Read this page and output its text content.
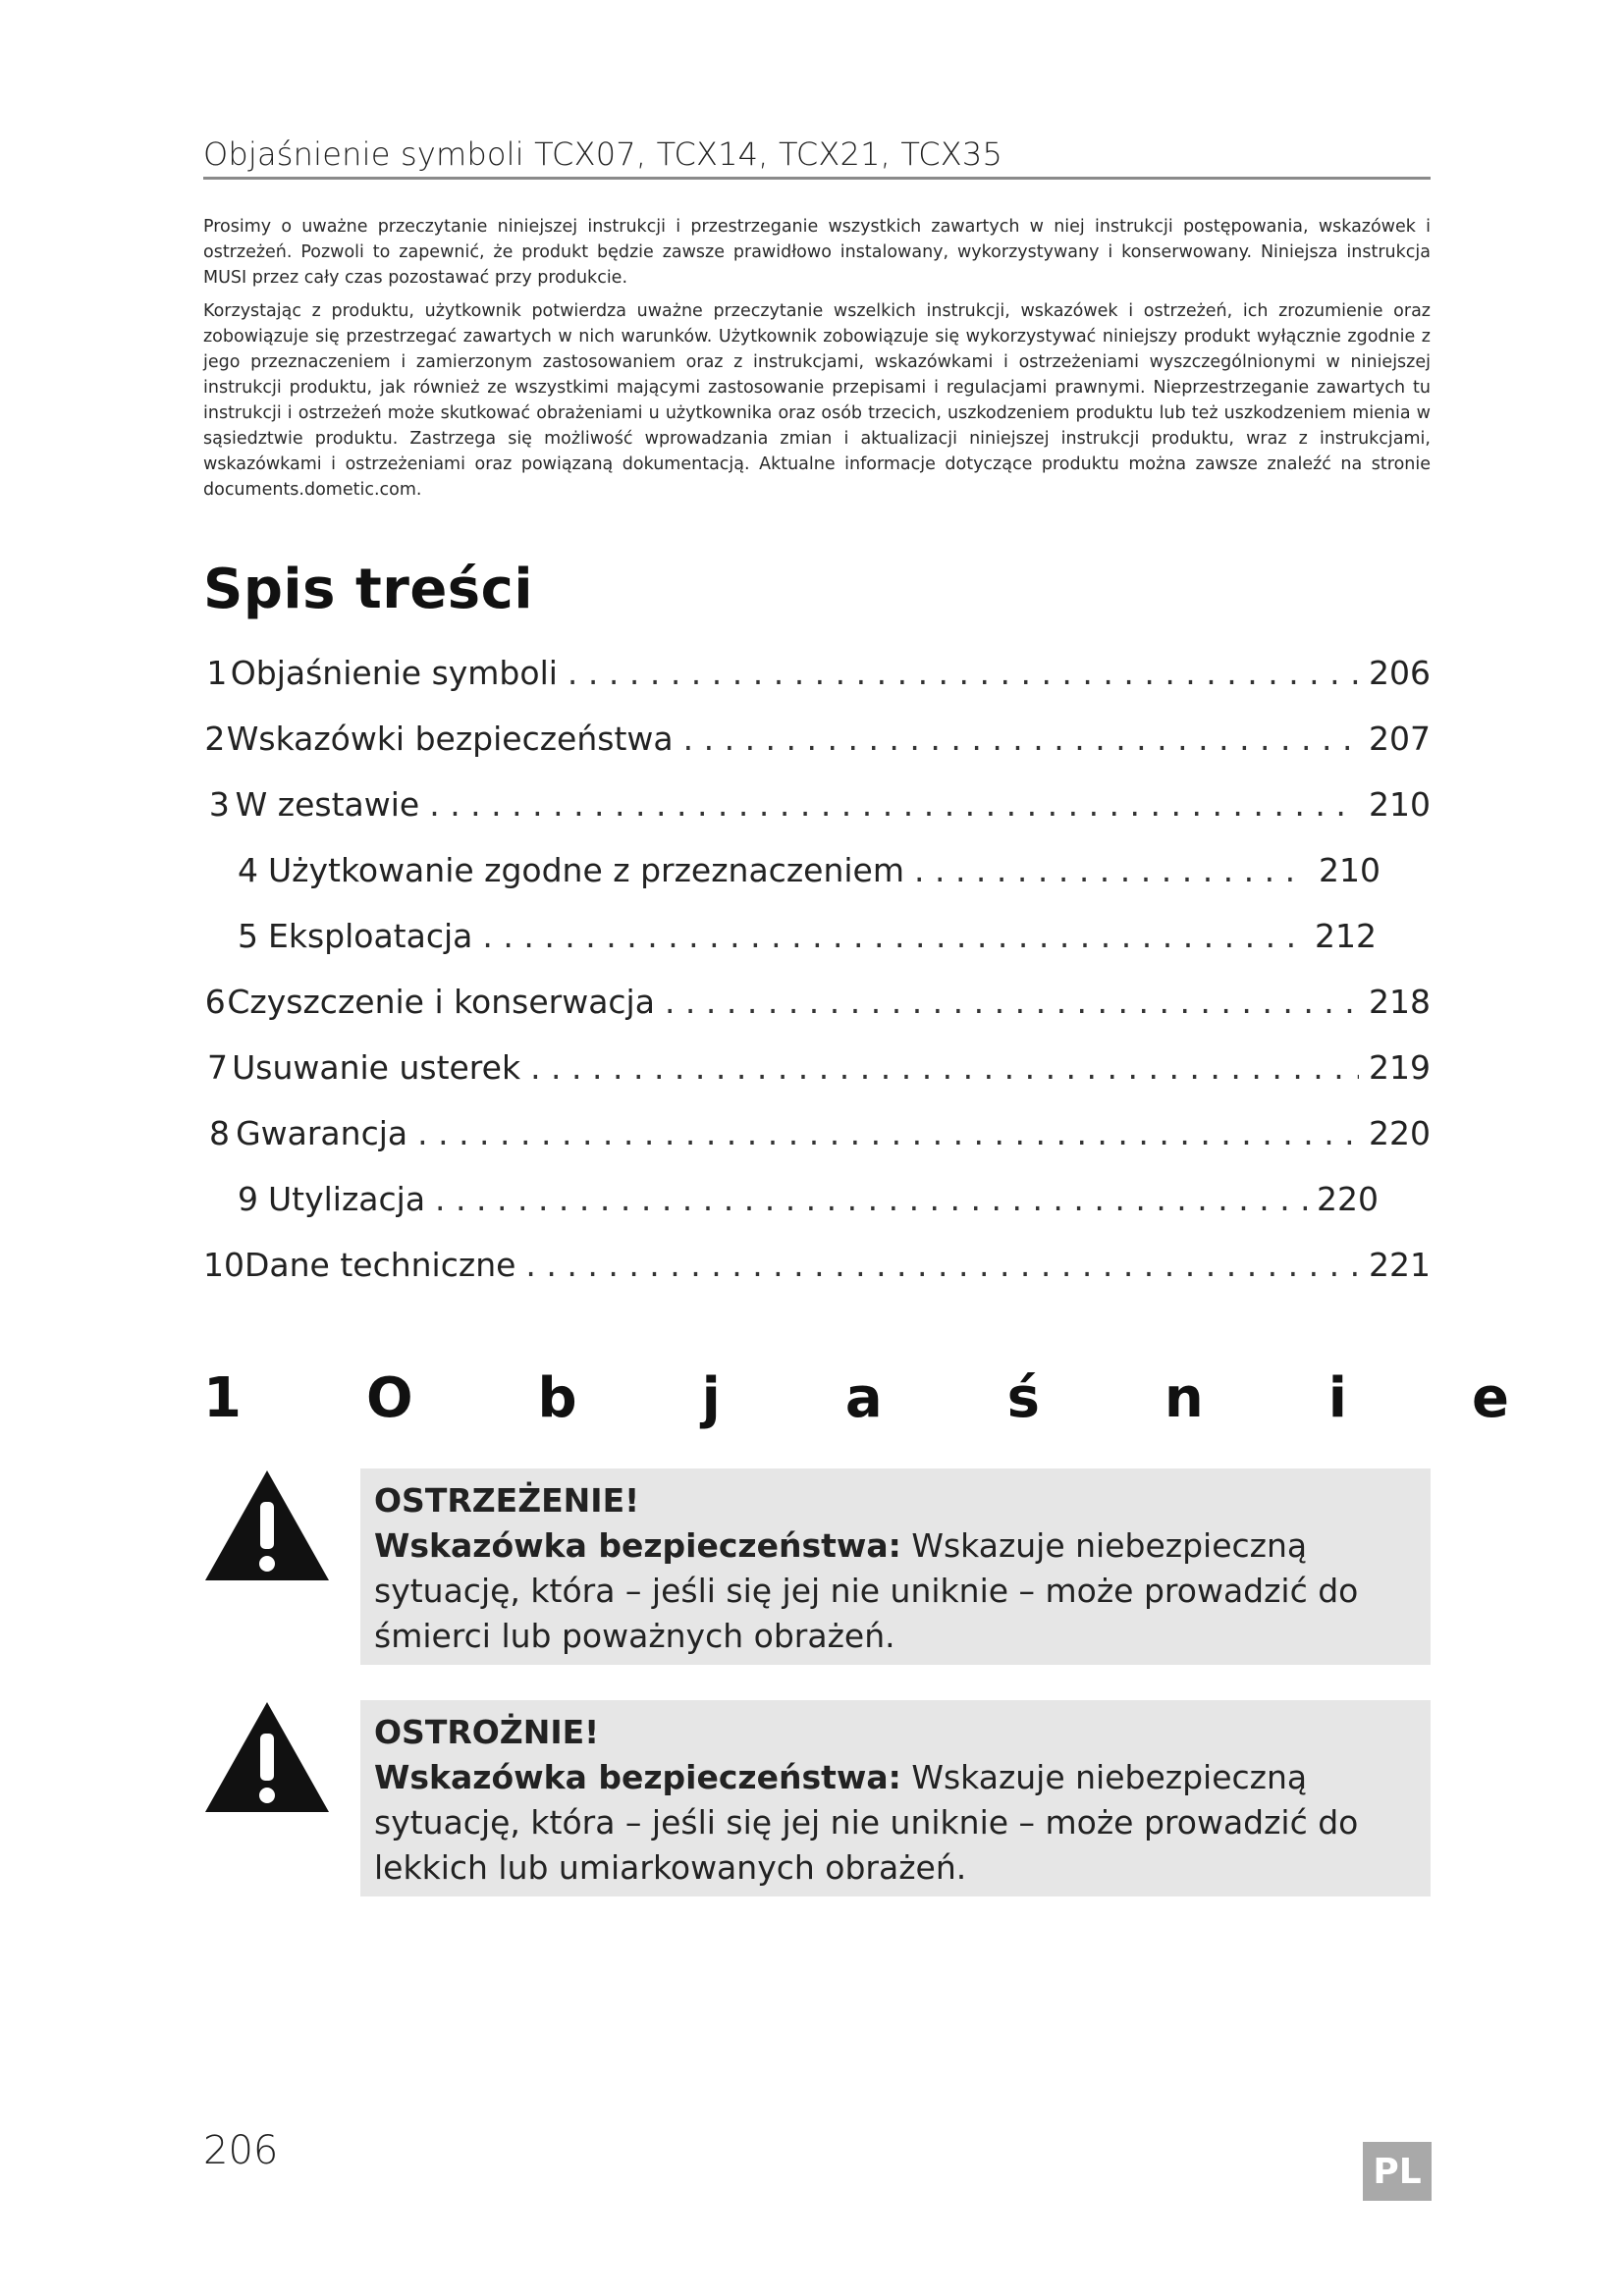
Objaśnienie symboli TCX07, TCX14, TCX21, TCX35

Prosimy o uważne przeczytanie niniejszej instrukcji i przestrzeganie wszystkich zawartych w niej instrukcji postępowania, wskazówek i ostrzeżeń. Pozwoli to zapewnić, że produkt będzie zawsze prawidłowo instalowany, wykorzystywany i konserwowany. Niniejsza instrukcja MUSI przez cały czas pozostawać przy produkcie.

Korzystając z produktu, użytkownik potwierdza uważne przeczytanie wszelkich instrukcji, wskazówek i ostrzeżeń, ich zrozumienie oraz zobowiązuje się przestrzegać zawartych w nich warunków. Użytkownik zobowiązuje się wykorzystywać niniejszy produkt wyłącznie zgodnie z jego przeznaczeniem i zamierzonym zastosowaniem oraz z instrukcjami, wskazówkami i ostrzeżeniami wyszczególnionymi w niniejszej instrukcji produktu, jak również ze wszystkimi mającymi zastosowanie przepisami i regulacjami prawnymi. Nieprzestrzeganie zawartych tu instrukcji i ostrzeżeń może skutkować obrażeniami u użytkownika oraz osób trzecich, uszkodzeniem produktu lub też uszkodzeniem mienia w sąsiedztwie produktu. Zastrzega się możliwość wprowadzania zmian i aktualizacji niniejszej instrukcji produktu, wraz z instrukcjami, wskazówkami i ostrzeżeniami oraz powiązaną dokumentacją. Aktualne informacje dotyczące produktu można zawsze znaleźć na stronie documents.dometic.com.

Spis treści
1 Objaśnienie symboli . . .	206
2 Wskazówki bezpieczeństwa . . .	207
3 W zestawie . . .	210
4 Użytkowanie zgodne z przeznaczeniem . . .	210
5 Eksploatacja . . .	212
6 Czyszczenie i konserwacja . . .	218
7 Usuwanie usterek . . .	219
8 Gwarancja . . .	220
9 Utylizacja . . .	220
10 Dane techniczne . . .	221
1 O b j a ś n i e
OSTRZEŻENIE!
Wskazówka bezpieczeństwa: Wskazuje niebezpieczną sytuację, która – jeśli się jej nie uniknie – może prowadzić do śmierci lub poważnych obrażeń.
OSTROŻNIE!
Wskazówka bezpieczeństwa: Wskazuje niebezpieczną sytuację, która – jeśli się jej nie uniknie – może prowadzić do lekkich lub umiarkowanych obrażeń.
206	PL
